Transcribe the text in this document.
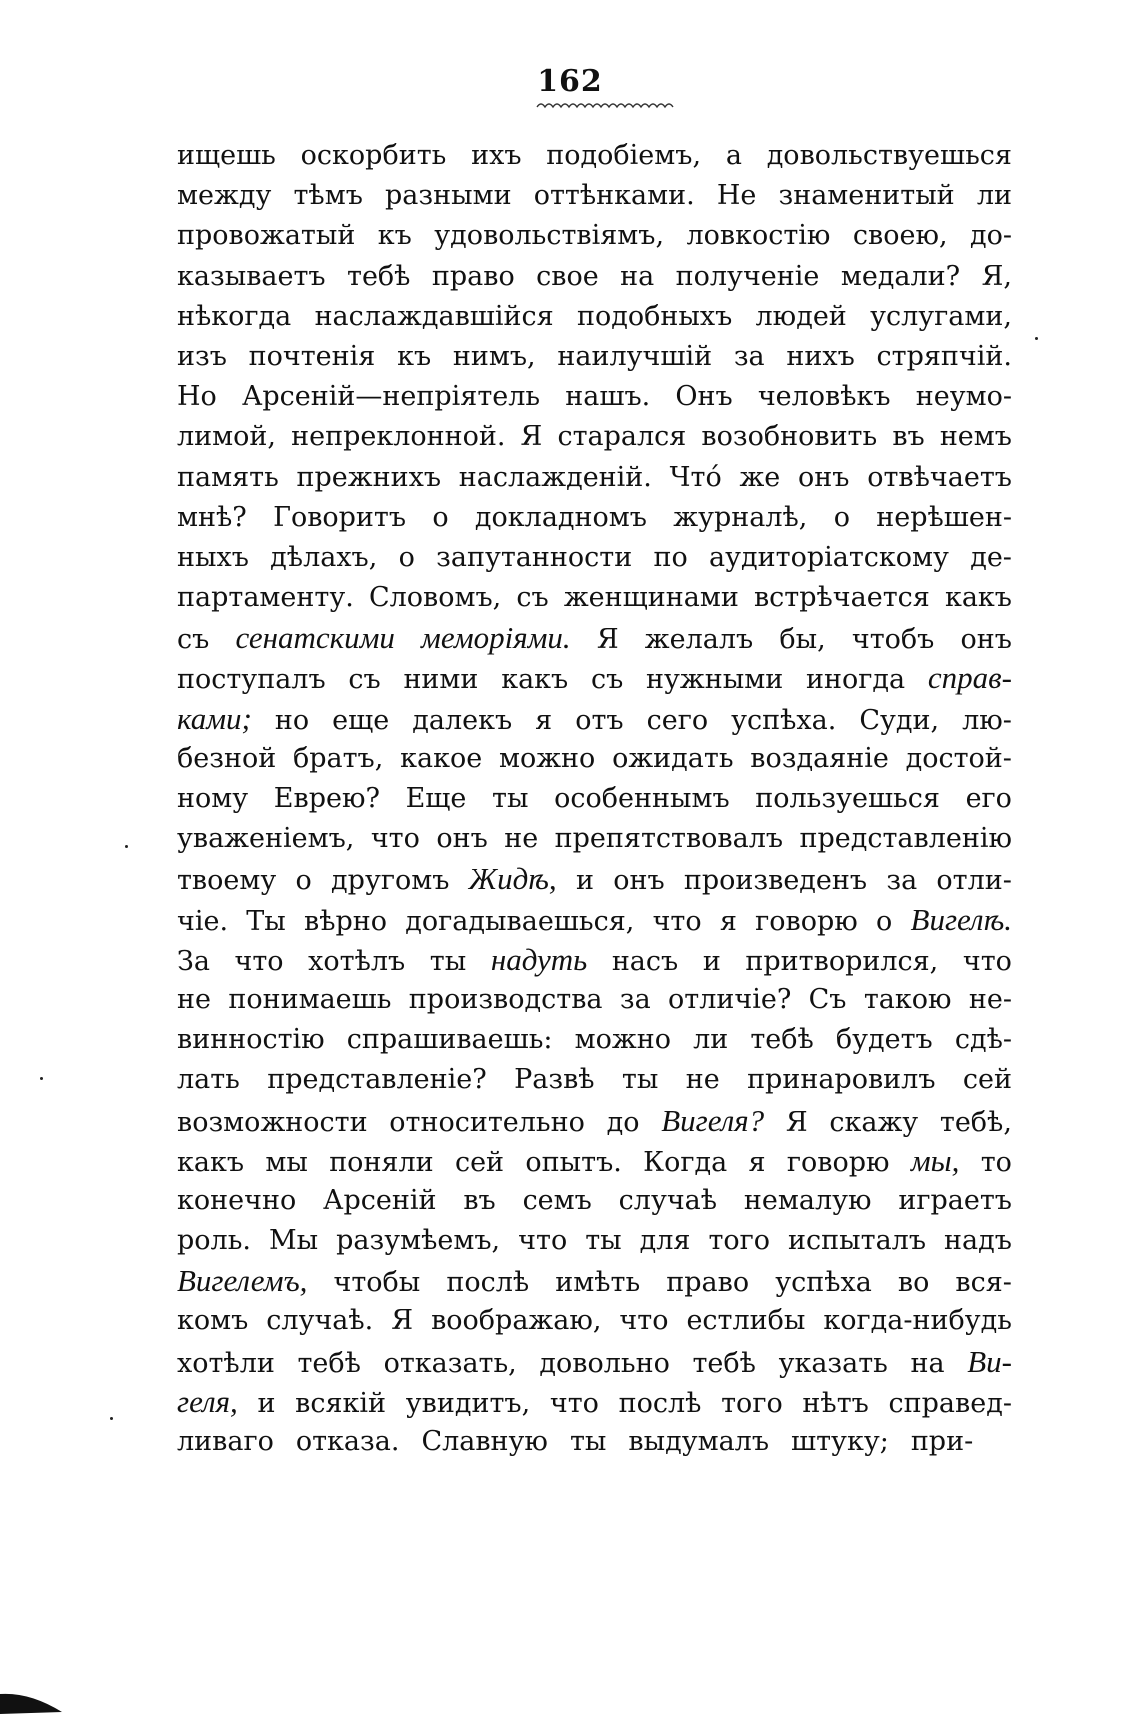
162
ищешь оскорбить ихъ подобіемъ, а довольствуешься
между тѣмъ разными оттѣнками. Не знаменитый ли
провожатый къ удовольствіямъ, ловкостію своею, до-
казываетъ тебѣ право свое на полученіе медали? Я,
нѣкогда наслаждавшійся подобныхъ людей услугами,
изъ почтенія къ нимъ, наилучшій за нихъ стряпчій.
Но Арсеній—непріятель нашъ. Онъ человѣкъ неумо-
лимой, непреклонной. Я старался возобновить въ немъ
память прежнихъ наслажденій. Чтó же онъ отвѣчаетъ
мнѣ? Говоритъ о докладномъ журналѣ, о нерѣшен-
ныхъ дѣлахъ, о запутанности по аудиторіатскому де-
партаменту. Словомъ, съ женщинами встрѣчается какъ
съ сенатскими меморіями. Я желалъ бы, чтобъ онъ
поступалъ съ ними какъ съ нужными иногда справ-
ками; но еще далекъ я отъ сего успѣха. Суди, лю-
безной братъ, какое можно ожидать воздаяніе достой-
ному Еврею? Еще ты особеннымъ пользуешься его
уваженіемъ, что онъ не препятствовалъ представленію
твоему о другомъ Жидѣ, и онъ произведенъ за отли-
чіе. Ты вѣрно догадываешься, что я говорю о Вигелѣ.
За что хотѣлъ ты надуть насъ и притворился, что
не понимаешь производства за отличіе? Съ такою не-
винностію спрашиваешь: можно ли тебѣ будетъ сдѣ-
лать представленіе? Развѣ ты не принаровилъ сей
возможности относительно до Вигеля? Я скажу тебѣ,
какъ мы поняли сей опытъ. Когда я говорю мы, то
конечно Арсеній въ семъ случаѣ немалую играетъ
роль. Мы разумѣемъ, что ты для того испыталъ надъ
Вигелемъ, чтобы послѣ имѣть право успѣха во вся-
комъ случаѣ. Я воображаю, что естлибы когда-нибудь
хотѣли тебѣ отказать, довольно тебѣ указать на Ви-
геля, и всякій увидитъ, что послѣ того нѣтъ справед-
ливаго отказа. Славную ты выдумалъ штуку; при-
